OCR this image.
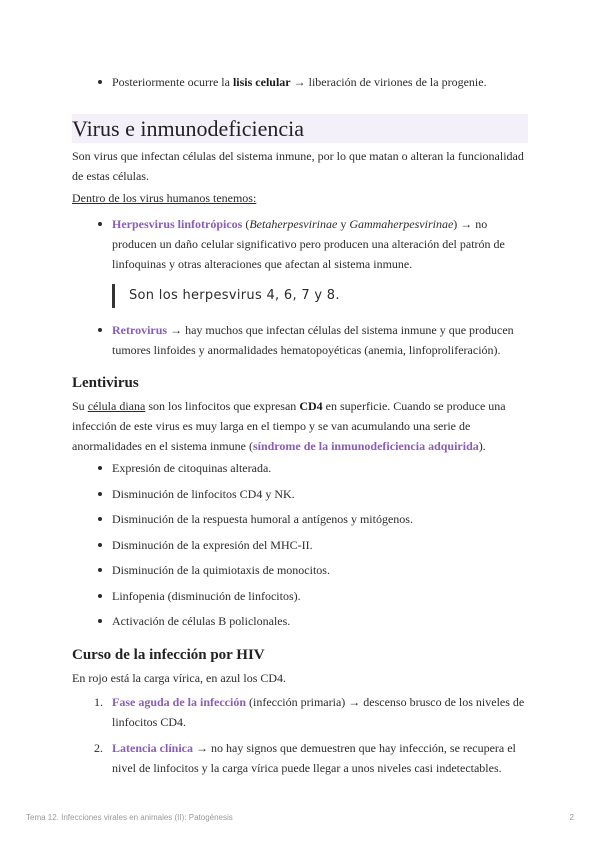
Posteriormente ocurre la lisis celular → liberación de viriones de la progenie.
Virus e inmunodeficiencia

Son virus que infectan células del sistema inmune, por lo que matan o alteran la funcionalidad de estas células.

Dentro de los virus humanos tenemos:

Herpesvirus linfotrópicos (Betaherpesvirinae y Gammaherpesvirinae) → no producen un daño celular significativo pero producen una alteración del patrón de linfoquinas y otras alteraciones que afectan al sistema inmune.
Son los herpesvirus 4, 6, 7 y 8.
Retrovirus → hay muchos que infectan células del sistema inmune y que producen tumores linfoides y anormalidades hematopoyéticas (anemia, linfoproliferación).
Lentivirus

Su célula diana son los linfocitos que expresan CD4 en superficie. Cuando se produce una infección de este virus es muy larga en el tiempo y se van acumulando una serie de anormalidades en el sistema inmune (síndrome de la inmunodeficiencia adquirida).

Expresión de citoquinas alterada.
Disminución de linfocitos CD4 y NK.
Disminución de la respuesta humoral a antígenos y mitógenos.
Disminución de la expresión del MHC-II.
Disminución de la quimiotaxis de monocitos.
Linfopenia (disminución de linfocitos).
Activación de células B policlonales.
Curso de la infección por HIV

En rojo está la carga vírica, en azul los CD4.

1. Fase aguda de la infección (infección primaria) → descenso brusco de los niveles de linfocitos CD4.
2. Latencia clínica → no hay signos que demuestren que hay infección, se recupera el nivel de linfocitos y la carga vírica puede llegar a unos niveles casi indetectables.
Tema 12. Infecciones virales en animales (II): Patogénesis	2
